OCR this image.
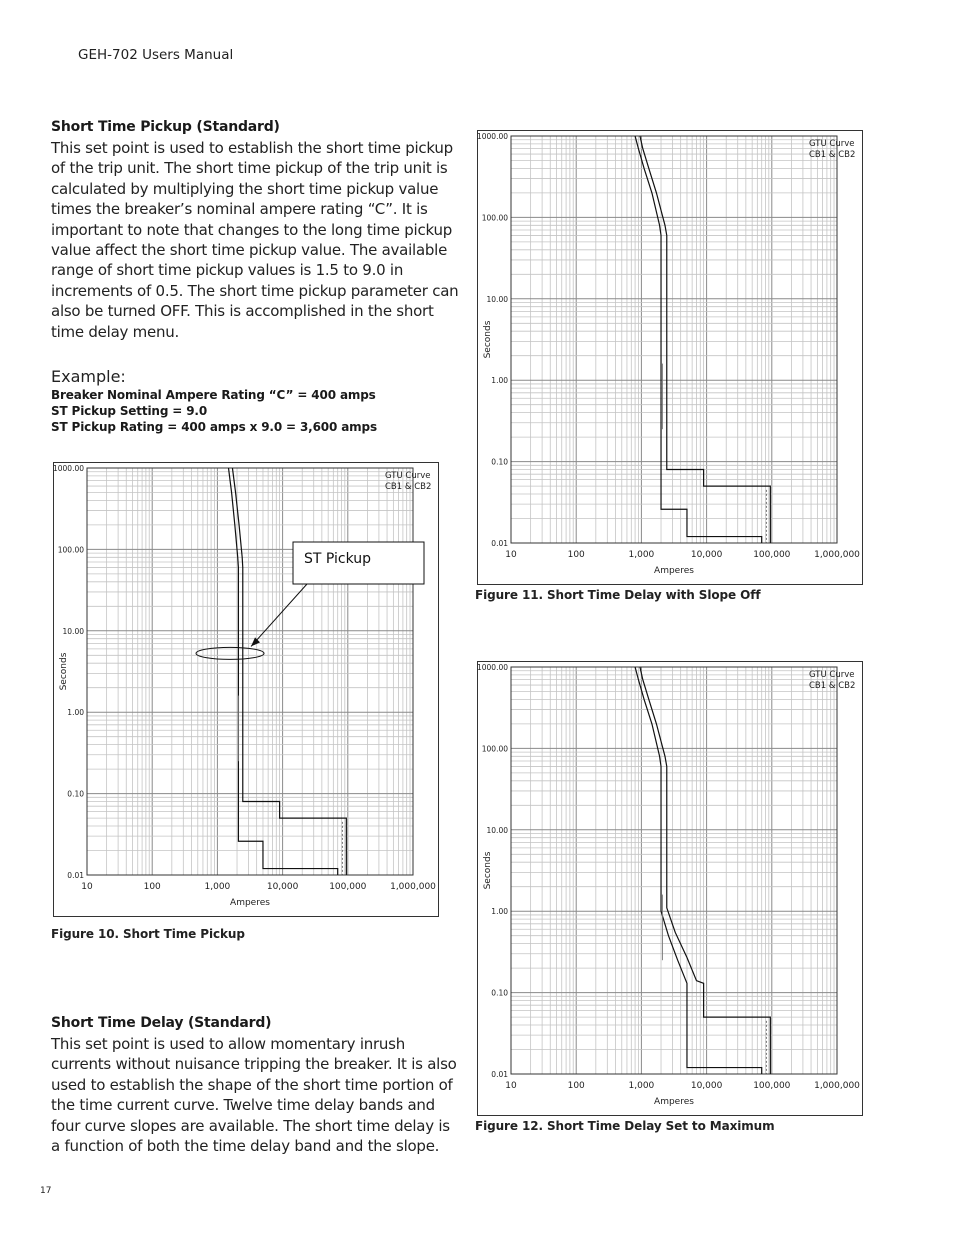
GEH-702 Users Manual
Short Time Pickup (Standard)
This set point is used to establish the short time pickup
of the trip unit. The short time pickup of the trip unit is
calculated by multiplying the short time pickup value
times the breaker’s nominal ampere rating “C”. It is
important to note that changes to the long time pickup
value affect the short time pickup value. The available
range of short time pickup values is 1.5 to 9.0 in
increments of 0.5. The short time pickup parameter can
also be turned OFF. This is accomplished in the short
time delay menu.
Example:
Breaker Nominal Ampere Rating “C” = 400 amps
ST Pickup Setting = 9.0
ST Pickup Rating = 400 amps x 9.0 = 3,600 amps
1000.00
100.00
10.00
1.00
0.10
0.01
10	100	1,000	10,000	100,000	1,000,000
Amperes
Seconds
GTU Curve
CB1 & CB2
ST Pickup
Figure 10. Short Time Pickup
Short Time Delay (Standard)
This set point is used to allow momentary inrush
currents without nuisance tripping the breaker. It is also
used to establish the shape of the short time portion of
the time current curve. Twelve time delay bands and
four curve slopes are available. The short time delay is
a function of both the time delay band and the slope.
1000.00
100.00
10.00
1.00
0.10
0.01
10	100	1,000	10,000	100,000	1,000,000
Amperes
Seconds
GTU Curve
CB1 & CB2
Figure 11. Short Time Delay with Slope Off
1000.00
100.00
10.00
1.00
0.10
0.01
10	100	1,000	10,000	100,000	1,000,000
Amperes
Seconds
GTU Curve
CB1 & CB2
Figure 12. Short Time Delay Set to Maximum
17
